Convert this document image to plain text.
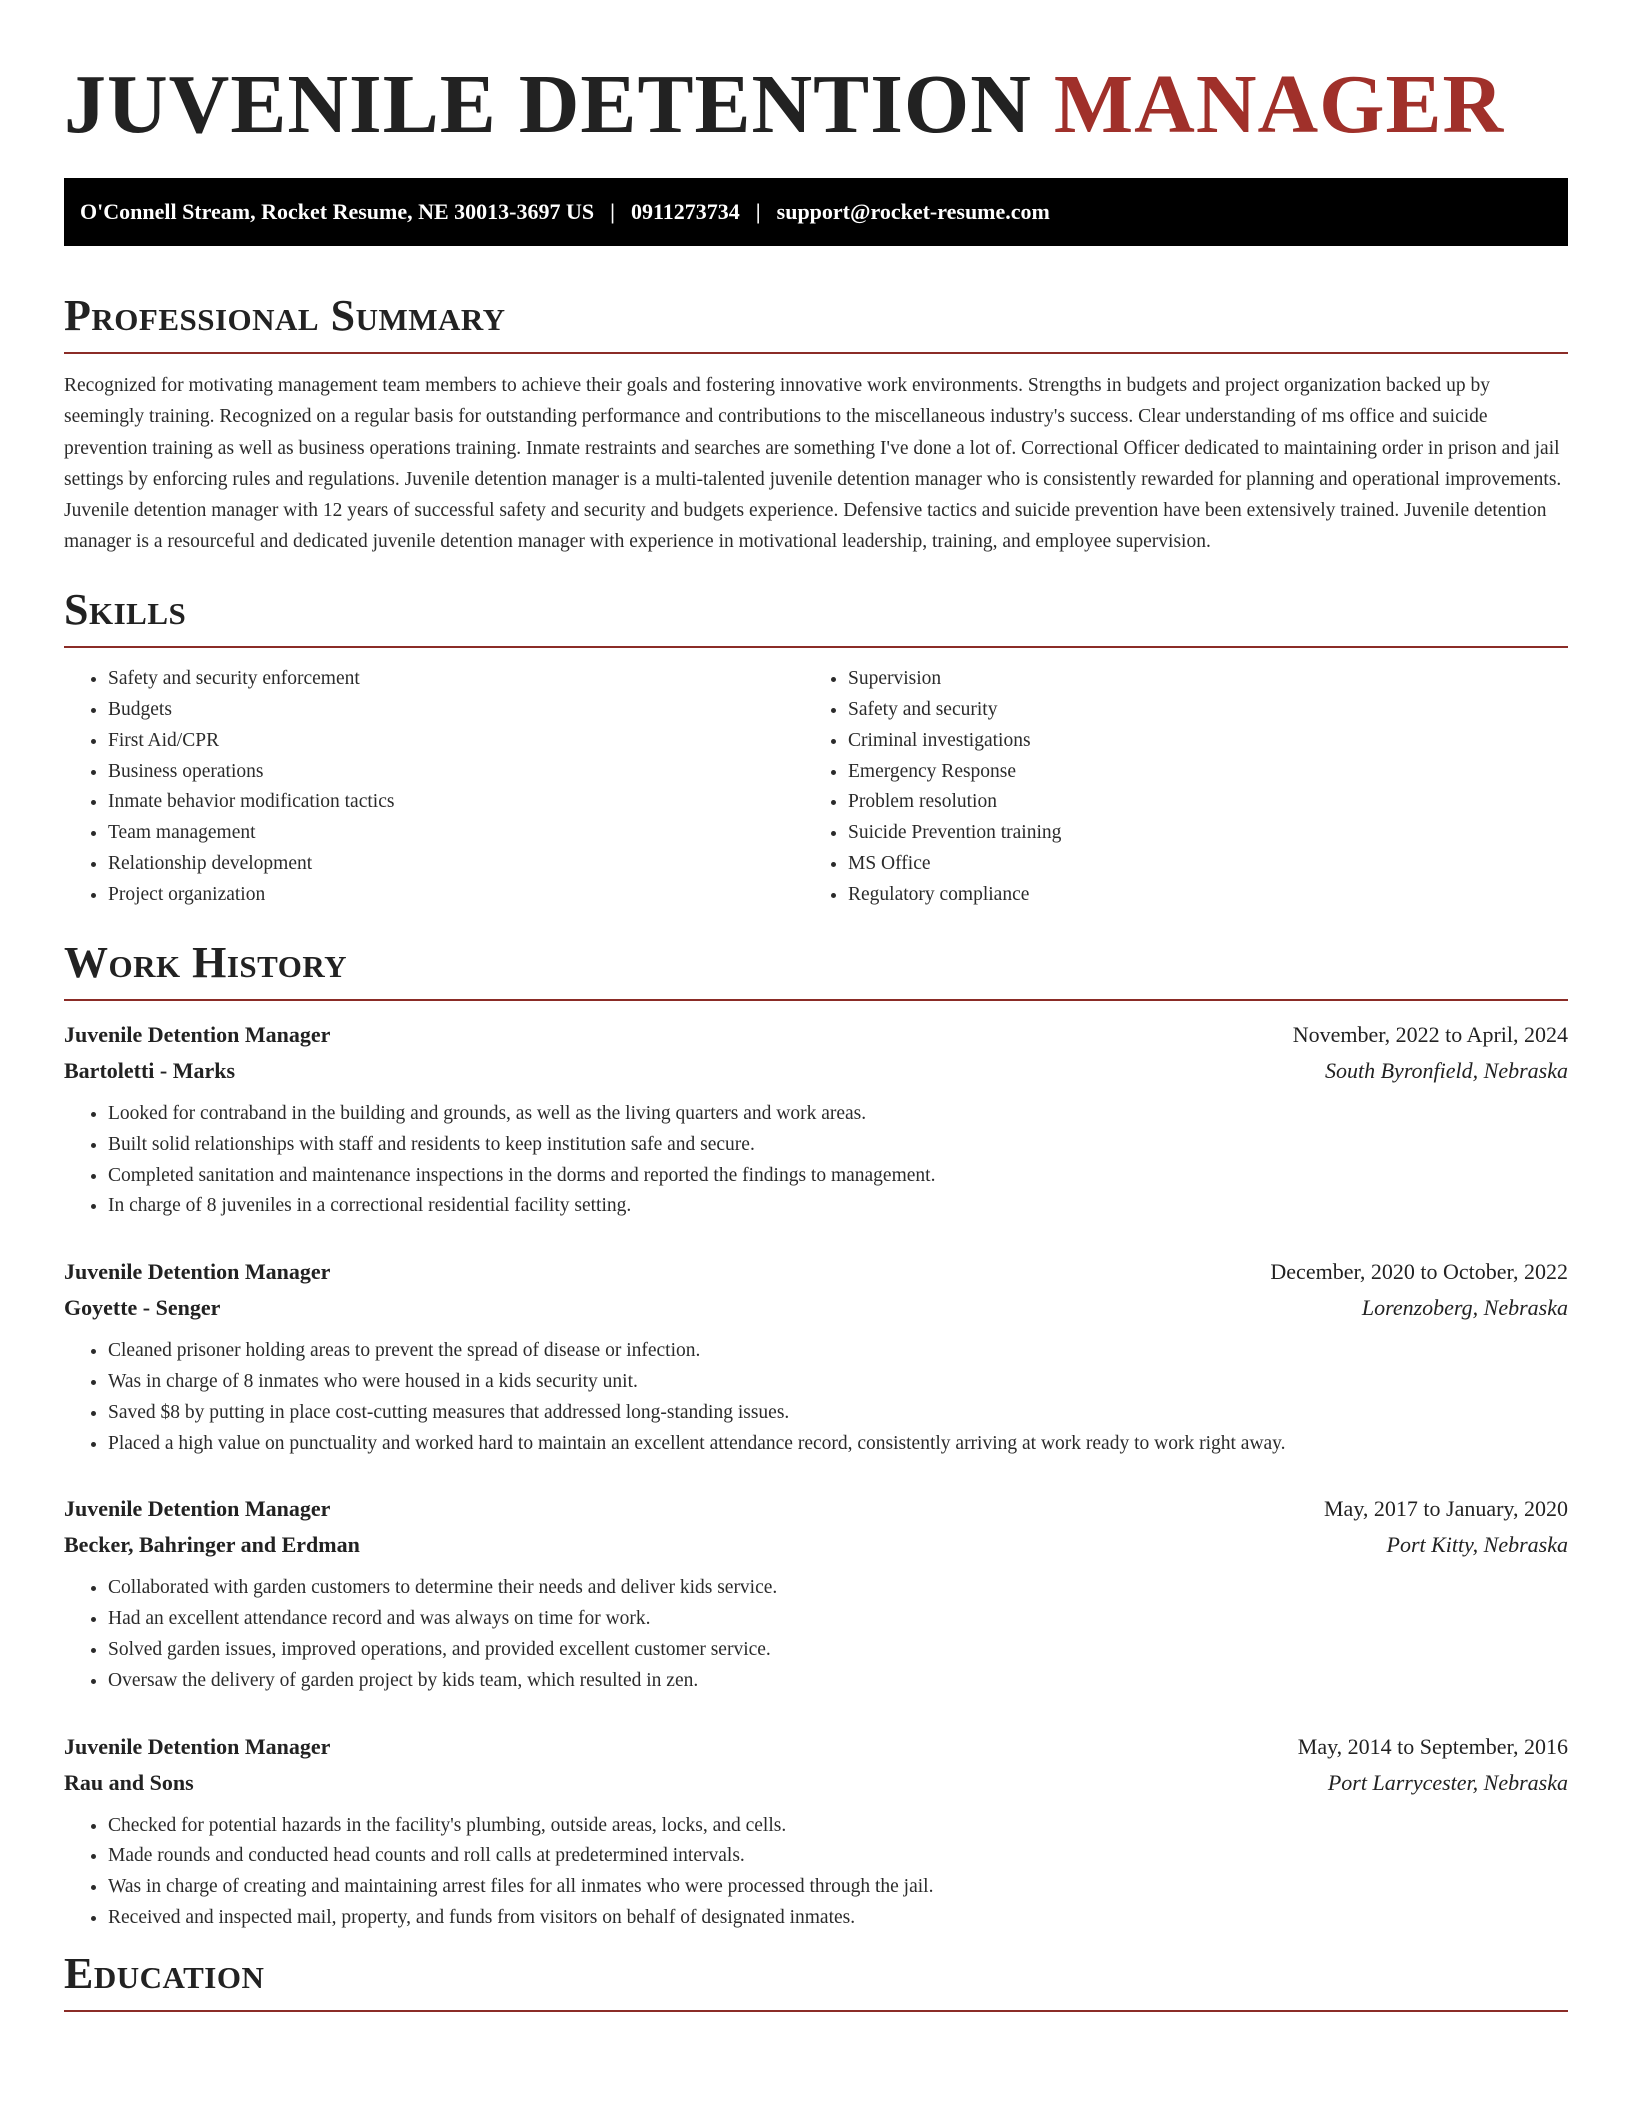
JUVENILE DETENTION MANAGER
O'Connell Stream, Rocket Resume, NE 30013-3697 US | 0911273734 | support@rocket-resume.com
Professional Summary

Recognized for motivating management team members to achieve their goals and fostering innovative work environments. Strengths in budgets and project organization backed up by seemingly training. Recognized on a regular basis for outstanding performance and contributions to the miscellaneous industry's success. Clear understanding of ms office and suicide prevention training as well as business operations training. Inmate restraints and searches are something I've done a lot of. Correctional Officer dedicated to maintaining order in prison and jail settings by enforcing rules and regulations. Juvenile detention manager is a multi-talented juvenile detention manager who is consistently rewarded for planning and operational improvements. Juvenile detention manager with 12 years of successful safety and security and budgets experience. Defensive tactics and suicide prevention have been extensively trained. Juvenile detention manager is a resourceful and dedicated juvenile detention manager with experience in motivational leadership, training, and employee supervision.

Skills
• Safety and security enforcement
• Budgets
• First Aid/CPR
• Business operations
• Inmate behavior modification tactics
• Team management
• Relationship development
• Project organization
• Supervision
• Safety and security
• Criminal investigations
• Emergency Response
• Problem resolution
• Suicide Prevention training
• MS Office
• Regulatory compliance
Work History
Juvenile Detention Manager	November, 2022 to April, 2024
Bartoletti - Marks	South Byronfield, Nebraska
• Looked for contraband in the building and grounds, as well as the living quarters and work areas.
• Built solid relationships with staff and residents to keep institution safe and secure.
• Completed sanitation and maintenance inspections in the dorms and reported the findings to management.
• In charge of 8 juveniles in a correctional residential facility setting.
Juvenile Detention Manager	December, 2020 to October, 2022
Goyette - Senger	Lorenzoberg, Nebraska
• Cleaned prisoner holding areas to prevent the spread of disease or infection.
• Was in charge of 8 inmates who were housed in a kids security unit.
• Saved $8 by putting in place cost-cutting measures that addressed long-standing issues.
• Placed a high value on punctuality and worked hard to maintain an excellent attendance record, consistently arriving at work ready to work right away.
Juvenile Detention Manager	May, 2017 to January, 2020
Becker, Bahringer and Erdman	Port Kitty, Nebraska
• Collaborated with garden customers to determine their needs and deliver kids service.
• Had an excellent attendance record and was always on time for work.
• Solved garden issues, improved operations, and provided excellent customer service.
• Oversaw the delivery of garden project by kids team, which resulted in zen.
Juvenile Detention Manager	May, 2014 to September, 2016
Rau and Sons	Port Larrycester, Nebraska
• Checked for potential hazards in the facility's plumbing, outside areas, locks, and cells.
• Made rounds and conducted head counts and roll calls at predetermined intervals.
• Was in charge of creating and maintaining arrest files for all inmates who were processed through the jail.
• Received and inspected mail, property, and funds from visitors on behalf of designated inmates.
Education
